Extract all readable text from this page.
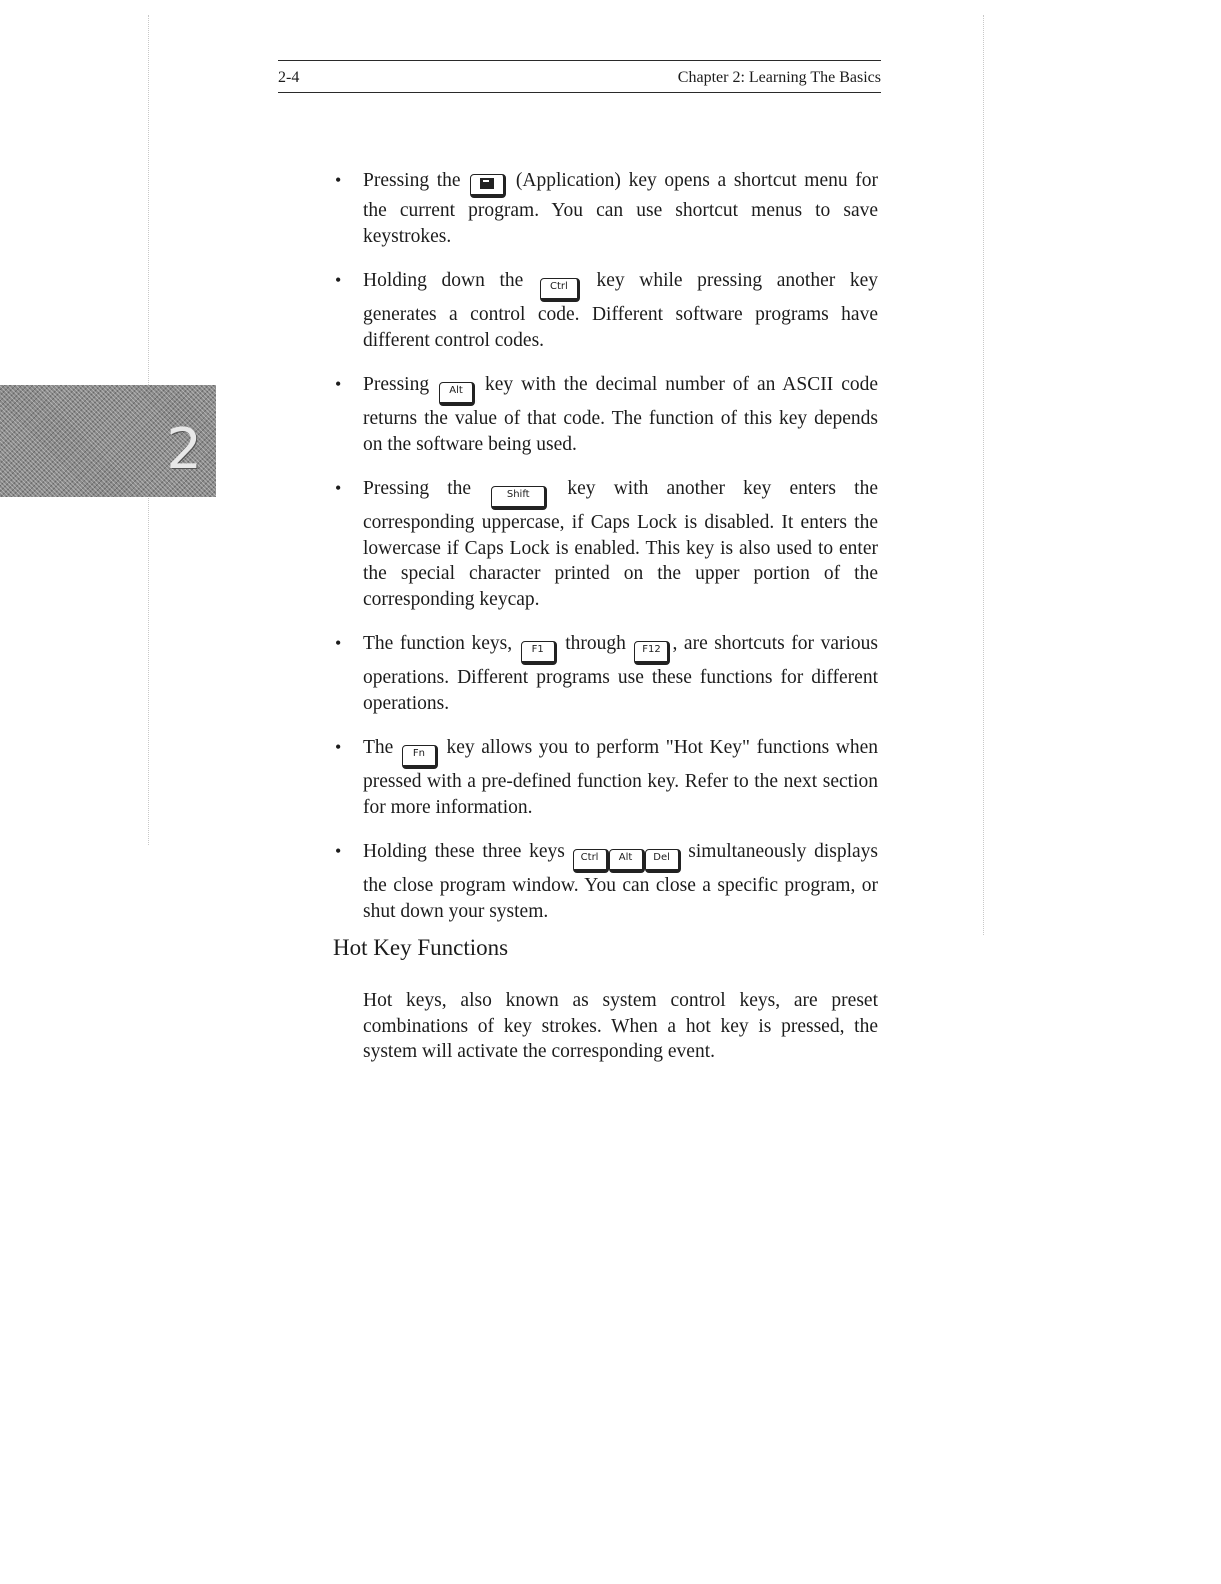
2-4	Chapter 2: Learning The Basics
2
• Pressing the	(Application) key opens a shortcut menu for the current program. You can use shortcut menus to save keystrokes.
• Holding down the	Ctrl key while pressing another key generates a control code. Different software programs have different control codes.
• Pressing Alt key with the decimal number of an ASCII code returns the value of that code. The function of this key depends on the software being used.
• Pressing the	Shift key with another key enters the corresponding uppercase, if Caps Lock is disabled. It enters the lowercase if Caps Lock is enabled. This key is also used to enter the special character printed on the upper portion of the corresponding keycap.
• The function keys, F1 through F12 , are shortcuts for various operations. Different programs use these functions for different operations.
• The Fn key allows you to perform "Hot Key" functions when pressed with a pre-defined function key. Refer to the next section for more information.
• Holding these three keys Ctrl Alt Del simultaneously displays the close program window. You can close a specific program, or shut down your system.
Hot Key Functions

Hot keys, also known as system control keys, are preset combinations of key strokes. When a hot key is pressed, the system will activate the corresponding event.
